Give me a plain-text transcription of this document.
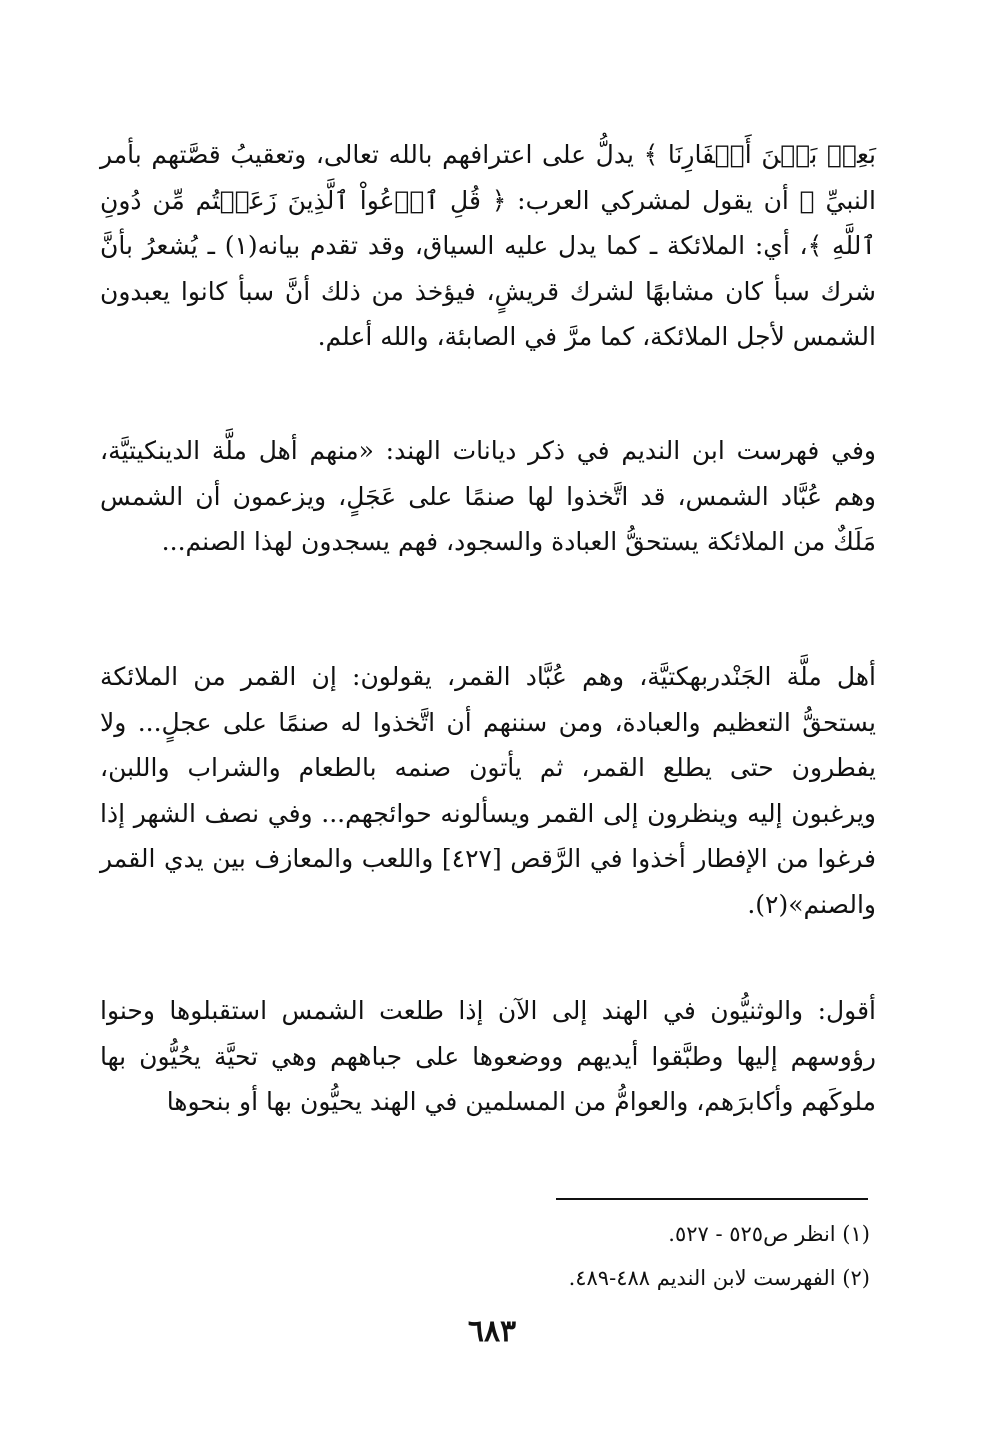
بَعِدۡ بَيۡنَ أَسۡفَارِنَا ﴾ يدلُّ على اعترافهم بالله تعالى، وتعقيبُ قصَّتهم بأمر النبيِّ ﷺ أن يقول لمشركي العرب: ﴿ قُلِ ٱدۡعُواْ ٱلَّذِينَ زَعَمۡتُم مِّن دُونِ ٱللَّهِ ﴾، أي: الملائكة ـ كما يدل عليه السياق، وقد تقدم بيانه(١) ـ يُشعرُ بأنَّ شرك سبأ كان مشابهًا لشرك قريشٍ، فيؤخذ من ذلك أنَّ سبأ كانوا يعبدون الشمس لأجل الملائكة، كما مرَّ في الصابئة، والله أعلم.

وفي فهرست ابن النديم في ذكر ديانات الهند: «منهم أهل ملَّة الدينكيتيَّة، وهم عُبَّاد الشمس، قد اتَّخذوا لها صنمًا على عَجَلٍ، ويزعمون أن الشمس مَلَكٌ من الملائكة يستحقُّ العبادة والسجود، فهم يسجدون لهذا الصنم...

أهل ملَّة الجَنْدربهكتيَّة، وهم عُبَّاد القمر، يقولون: إن القمر من الملائكة يستحقُّ التعظيم والعبادة، ومن سننهم أن اتَّخذوا له صنمًا على عجلٍ... ولا يفطرون حتى يطلع القمر، ثم يأتون صنمه بالطعام والشراب واللبن، ويرغبون إليه وينظرون إلى القمر ويسألونه حوائجهم... وفي نصف الشهر إذا فرغوا من الإفطار أخذوا في الرَّقص [٤٢٧] واللعب والمعازف بين يدي القمر والصنم»(٢).

أقول: والوثنيُّون في الهند إلى الآن إذا طلعت الشمس استقبلوها وحنوا رؤوسهم إليها وطبَّقوا أيديهم ووضعوها على جباههم وهي تحيَّة يحُيُّون بها ملوكَهم وأكابرَهم، والعوامُّ من المسلمين في الهند يحيُّون بها أو بنحوها

(١) انظر ص٥٢٥ - ٥٢٧.
(٢) الفهرست لابن النديم ٤٨٨-٤٨٩.
٦٨٣
